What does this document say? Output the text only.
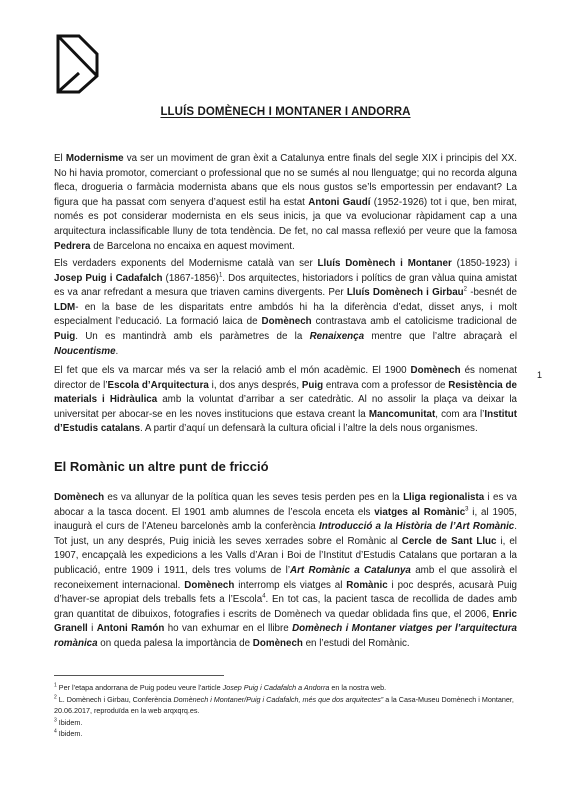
LLUÍS DOMÈNECH I MONTANER I ANDORRA

El Modernisme va ser un moviment de gran èxit a Catalunya entre finals del segle XIX i principis del XX. No hi havia promotor, comerciant o professional que no se sumés al nou llenguatge; qui no recorda alguna fleca, drogueria o farmàcia modernista abans que els nous gustos se’ls emportessin per endavant? La figura que ha passat com senyera d’aquest estil ha estat Antoni Gaudí (1952-1926) tot i que, ben mirat, només es pot considerar modernista en els seus inicis, ja que va evolucionar ràpidament cap a una arquitectura inclassificable lluny de tota tendència. De fet, no cal massa reflexió per veure que la famosa Pedrera de Barcelona no encaixa en aquest moviment.

Els verdaders exponents del Modernisme català van ser Lluís Domènech i Montaner (1850-1923) i Josep Puig i Cadafalch (1867-1856)$^1$. Dos arquitectes, historiadors i polítics de gran vàlua quina amistat es va anar refredant a mesura que triaven camins divergents. Per Lluís Domènech i Girbau$^2$ -besnét de LDM- en la base de les disparitats entre ambdós hi ha la diferència d’edat, disset anys, i molt especialment l’educació. La formació laica de Domènech contrastava amb el catolicisme tradicional de Puig. Un es mantindrà amb els paràmetres de la Renaixença mentre que l’altre abraçarà el Noucentisme.

El fet que els va marcar més va ser la relació amb el món acadèmic. El 1900 Domènech és nomenat director de l’Escola d’Arquitectura i, dos anys després, Puig entrava com a professor de Resistència de materials i Hidràulica amb la voluntat d’arribar a ser catedràtic. Al no assolir la plaça va deixar la universitat per abocar-se en les noves institucions que estava creant la Mancomunitat, com ara l’Institut d’Estudis catalans. A partir d’aquí un defensarà la cultura oficial i l’altre la dels nous organismes.

1
El Romànic un altre punt de fricció

Domènech es va allunyar de la política quan les seves tesis perden pes en la Lliga regionalista i es va abocar a la tasca docent. El 1901 amb alumnes de l’escola enceta els viatges al Romànic$^3$ i, al 1905, inaugurà el curs de l’Ateneu barcelonès amb la conferència Introducció a la Història de l’Art Romànic. Tot just, un any després, Puig inicià les seves xerrades sobre el Romànic al Cercle de Sant Lluc i, el 1907, encapçalà les expedicions a les Valls d’Aran i Boi de l’Institut d’Estudis Catalans que portaran a la publicació, entre 1909 i 1911, dels tres volums de l’Art Romànic a Catalunya amb el que assolirà el reconeixement internacional. Domènech interromp els viatges al Romànic i poc després, acusarà Puig d’haver-se apropiat dels treballs fets a l’Escola$^4$. En tot cas, la pacient tasca de recollida de dades amb gran quantitat de dibuixos, fotografies i escrits de Domènech va quedar oblidada fins que, el 2006, Enric Granell i Antoni Ramón ho van exhumar en el llibre Domènech i Montaner viatges per l’arquitectura romànica on queda palesa la importància de Domènech en l’estudi del Romànic.

$^1$ Per l’etapa andorrana de Puig podeu veure l’article Josep Puig i Cadafalch a Andorra en la nostra web.

$^2$ L. Domènech i Girbau, Conferència Domènech i Montaner/Puig i Cadafalch, més que dos arquitectes” a la Casa-Museu Domènech i Montaner, 20.06.2017, reproduïda en la web arqxqrq.es.

$^3$ Ibidem.

$^4$ Ibidem.
